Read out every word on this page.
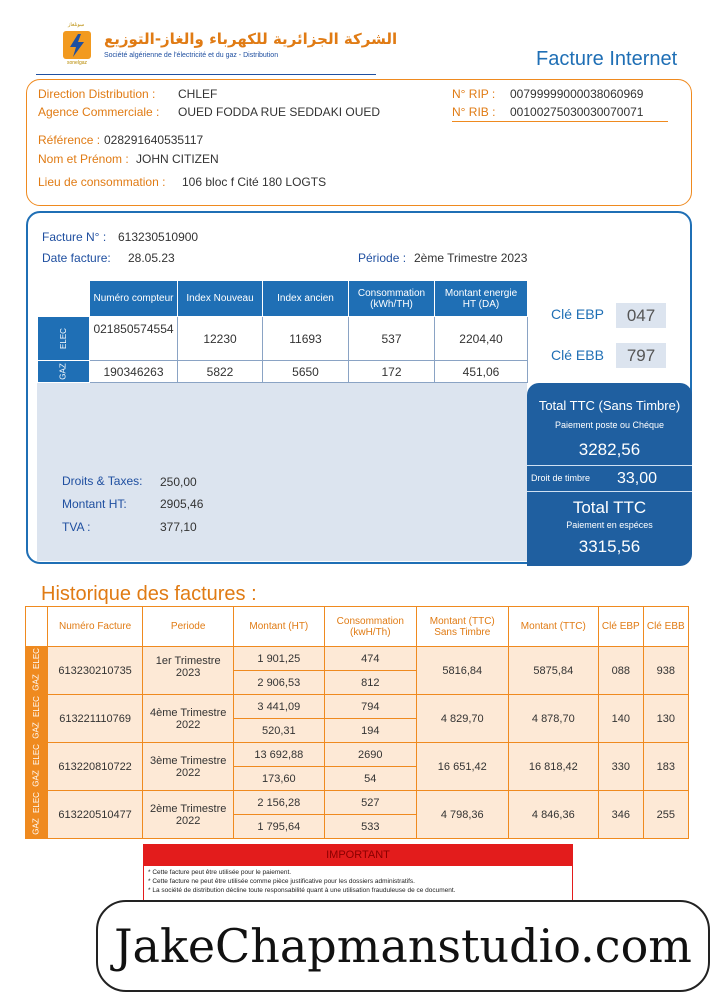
سونلغاز
sonelgaz
الشركة الجزائرية للكهرباء والغاز-التوزيع
Société algérienne de l'électricité et du gaz - Distribution	Facture Internet
Direction Distribution : CHLEF
Agence Commerciale : OUED FODDA RUE SEDDAKI OUED
N° RIP : 00799999000038060969
N° RIB : 00100275030030070071
Référence : 028291640535117
Nom et Prénom : JOHN CITIZEN
Lieu de consommation : 106 bloc f Cité 180 LOGTS
Facture N° : 613230510900
Date facture: 28.05.23	Période : 2ème Trimestre 2023
	Numéro compteur	Index Nouveau	Index ancien	Consommation (kWh/TH)	Montant energie HT (DA)
ELEC	021850574554	12230	11693	537	2204,40
GAZ	190346263	5822	5650	172	451,06
Clé EBP	047
Clé EBB	797
Droits & Taxes: 250,00
Montant HT:	2905,46
TVA :	377,10
Total TTC (Sans Timbre)
Paiement poste ou Chéque
3282,56
Droit de timbre 33,00
Total TTC
Paiement en espéces
3315,56
Historique des factures :
	Numéro Facture	Periode	Montant (HT)	Consommation (kwH/Th)	Montant (TTC) Sans Timbre	Montant (TTC)	Clé EBP	Clé EBB
ELEC	613230210735	1er Trimestre 2023	1 901,25	474	5816,84	5875,84	088	938
GAZ			2 906,53	812				
ELEC	613221110769	4ème Trimestre 2022	3 441,09	794	4 829,70	4 878,70	140	130
GAZ			520,31	194				
ELEC	613220810722	3ème Trimestre 2022	13 692,88	2690	16 651,42	16 818,42	330	183
GAZ			173,60	54				
ELEC	613220510477	2ème Trimestre 2022	2 156,28	527	4 798,36	4 846,36	346	255
GAZ			1 795,64	533				
IMPORTANT
* Cette facture peut être utilisée pour le paiement.
* Cette facture ne peut être utilisée comme pièce justificative pour les dossiers administratifs.
* La société de distribution décline toute responsabilité quant à une utilisation frauduleuse de ce document.
JakeChapmanstudio.com
